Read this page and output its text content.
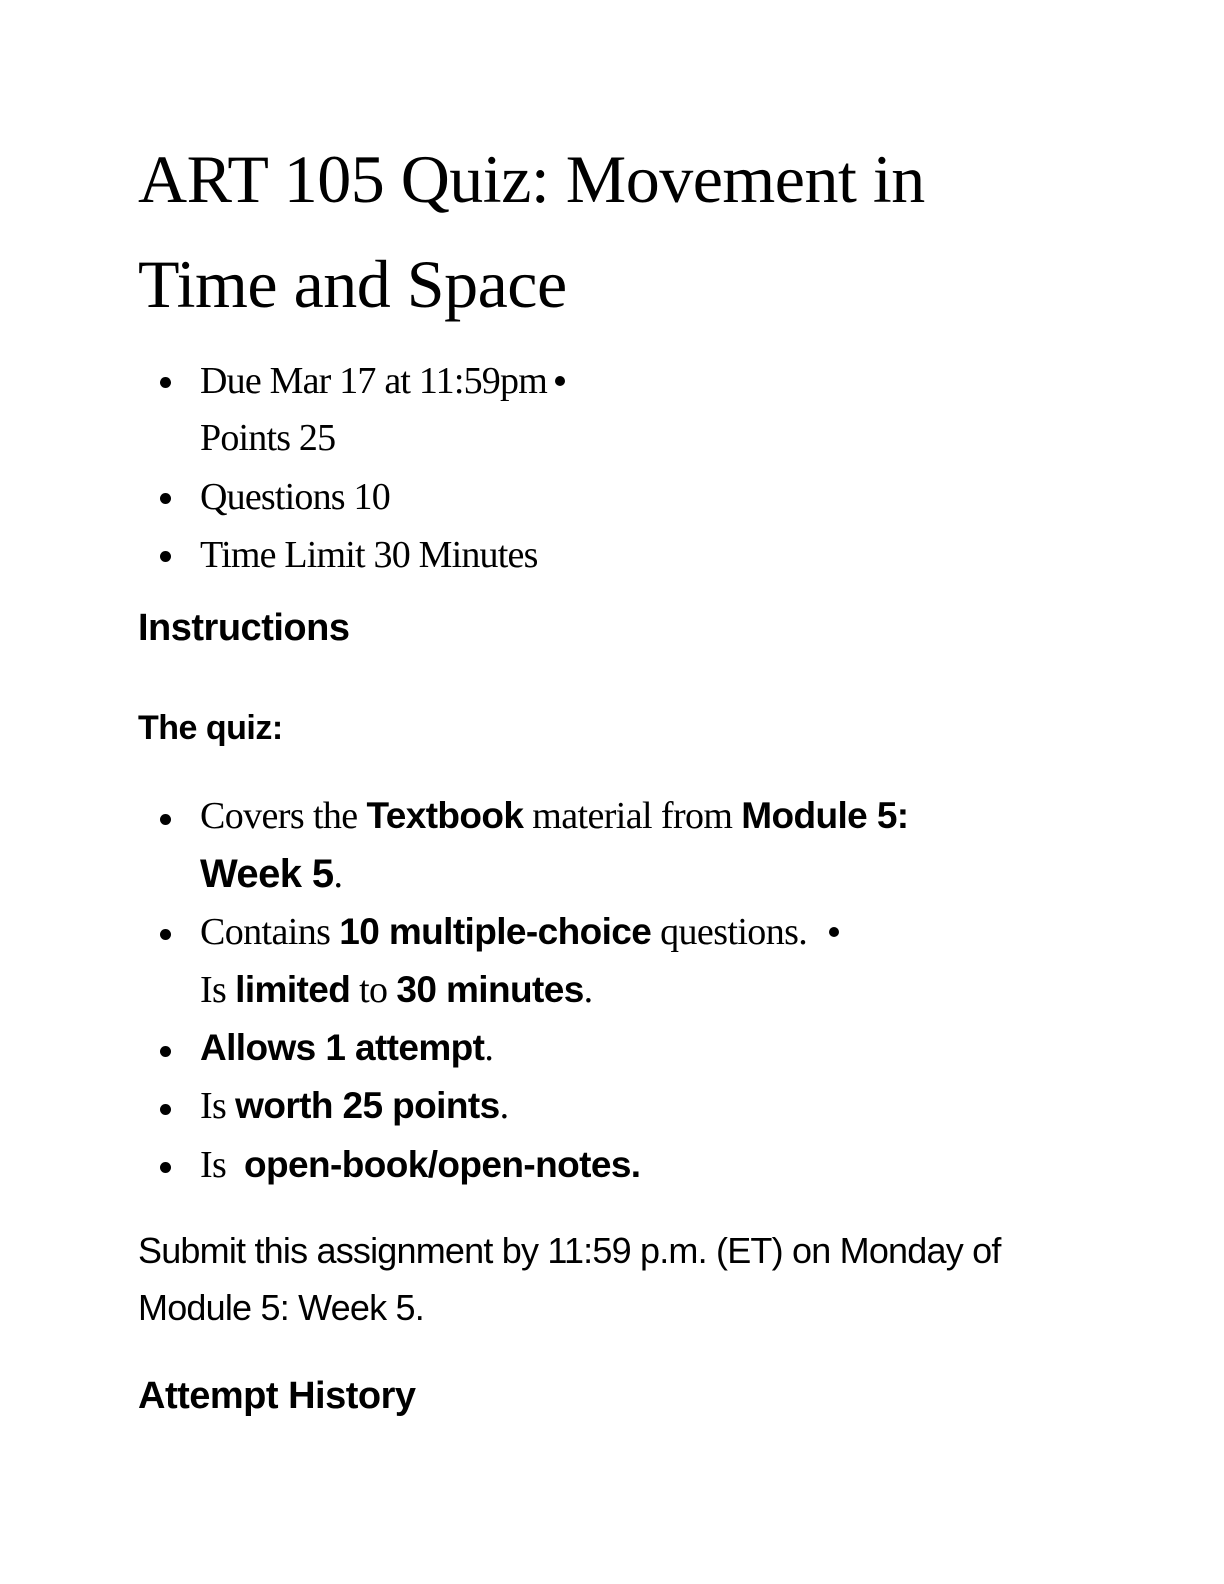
ART 105 Quiz: Movement in
Time and Space
Due Mar 17 at 11:59pm
Points 25
Questions 10
Time Limit 30 Minutes
Instructions
The quiz:
Covers the Textbook material from Module 5:
Week 5.
Contains 10 multiple-choice questions.
Is limited to 30 minutes.
Allows 1 attempt.
Is worth 25 points.
Is  open-book/open-notes.
Submit this assignment by 11:59 p.m. (ET) on Monday of
Module 5: Week 5.
Attempt History
